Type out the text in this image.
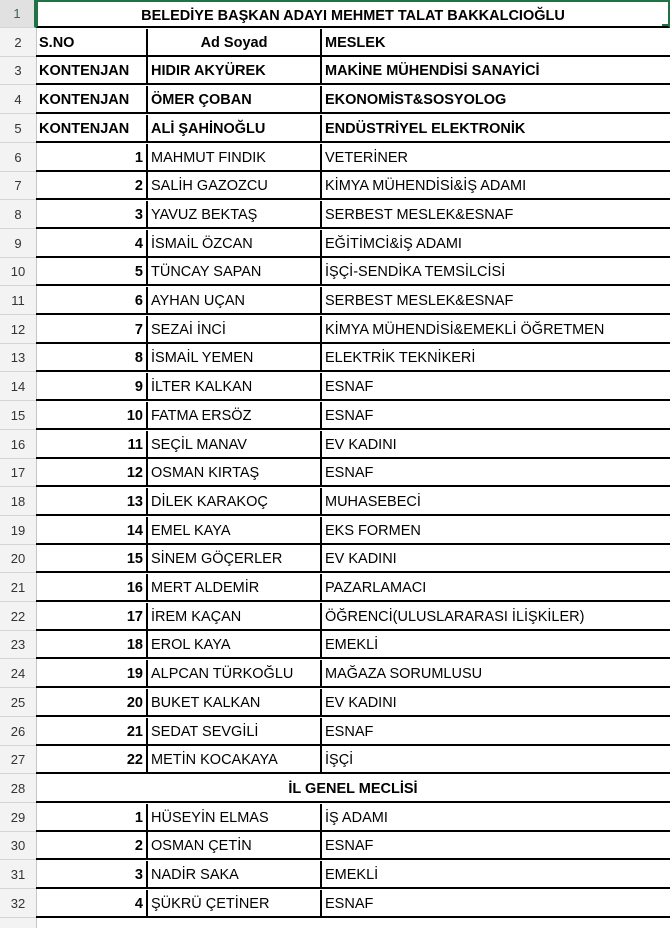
1	BELEDİYE BAŞKAN ADAYI MEHMET TALAT BAKKALCIOĞLU
2	S.NO	Ad Soyad	MESLEK
3	KONTENJAN	HIDIR AKYÜREK	MAKİNE MÜHENDİSİ SANAYİCİ
4	KONTENJAN	ÖMER ÇOBAN	EKONOMİST&SOSYOLOG
5	KONTENJAN	ALİ ŞAHİNOĞLU	ENDÜSTRİYEL ELEKTRONİK
6	1 MAHMUT FINDIK	VETERİNER
7	2 SALİH GAZOZCU	KİMYA MÜHENDİSİ&İŞ ADAMI
8	3 YAVUZ BEKTAŞ	SERBEST MESLEK&ESNAF
9	4 İSMAİL ÖZCAN	EĞİTİMCİ&İŞ ADAMI
10	5 TÜNCAY SAPAN	İŞÇİ-SENDİKA TEMSİLCİSİ
11	6 AYHAN UÇAN	SERBEST MESLEK&ESNAF
12	7 SEZAİ İNCİ	KİMYA MÜHENDİSİ&EMEKLİ ÖĞRETMEN
13	8 İSMAİL YEMEN	ELEKTRİK TEKNİKERİ
14	9 İLTER KALKAN	ESNAF
15	10 FATMA ERSÖZ	ESNAF
16	11 SEÇİL MANAV	EV KADINI
17	12 OSMAN KIRTAŞ	ESNAF
18	13 DİLEK KARAKOÇ	MUHASEBECİ
19	14 EMEL KAYA	EKS FORMEN
20	15 SİNEM GÖÇERLER	EV KADINI
21	16 MERT ALDEMİR	PAZARLAMACI
22	17 İREM KAÇAN	ÖĞRENCİ(ULUSLARARASI İLİŞKİLER)
23	18 EROL KAYA	EMEKLİ
24	19 ALPCAN TÜRKOĞLU	MAĞAZA SORUMLUSU
25	20 BUKET KALKAN	EV KADINI
26	21 SEDAT SEVGİLİ	ESNAF
27	22 METİN KOCAKAYA	İŞÇİ
28	İL GENEL MECLİSİ
29	1 HÜSEYİN ELMAS	İŞ ADAMI
30	2 OSMAN ÇETİN	ESNAF
31	3 NADİR SAKA	EMEKLİ
32	4 ŞÜKRÜ ÇETİNER	ESNAF
